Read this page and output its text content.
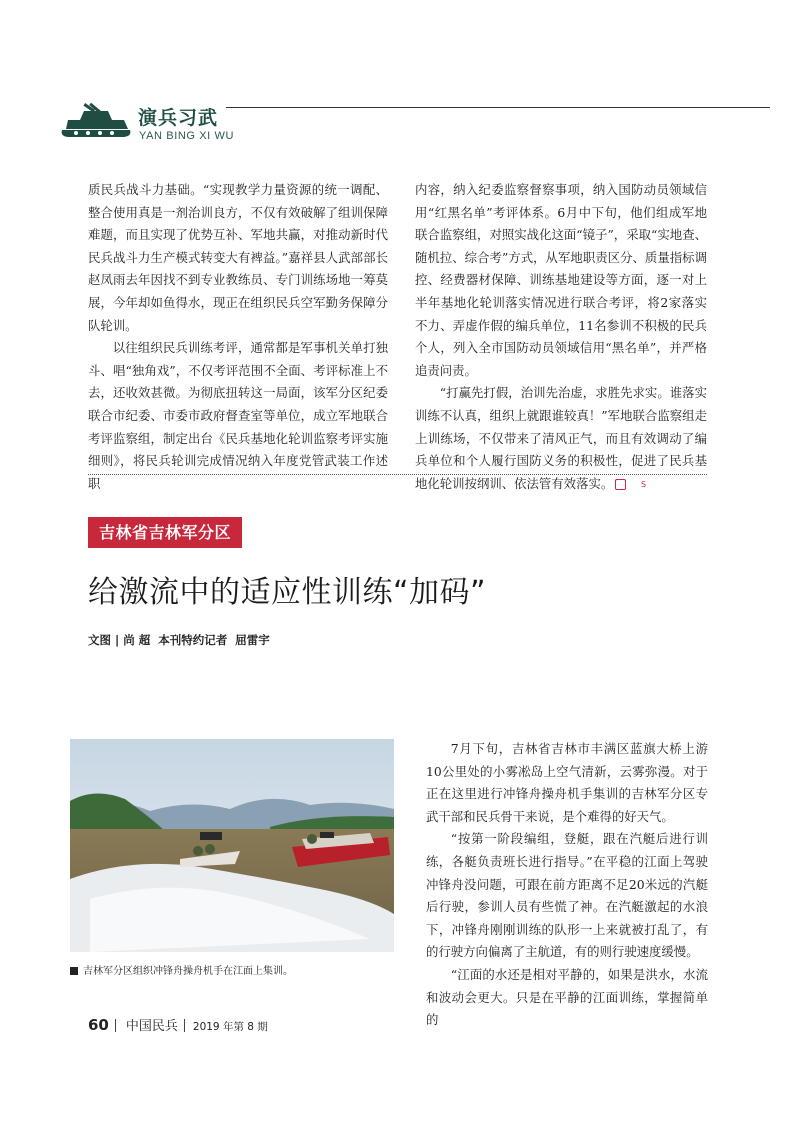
演兵习武
YAN BING XI WU

质民兵战斗力基础。“实现教学力量资源的统一调配、整合使用真是一剂治训良方，不仅有效破解了组训保障难题，而且实现了优势互补、军地共赢，对推动新时代民兵战斗力生产模式转变大有裨益。”嘉祥县人武部部长赵凤雨去年因找不到专业教练员、专门训练场地一筹莫展，今年却如鱼得水，现正在组织民兵空军勤务保障分队轮训。

以往组织民兵训练考评，通常都是军事机关单打独斗、唱“独角戏”，不仅考评范围不全面、考评标准上不去，还收效甚微。为彻底扭转这一局面，该军分区纪委联合市纪委、市委市政府督查室等单位，成立军地联合考评监察组，制定出台《民兵基地化轮训监察考评实施细则》，将民兵轮训完成情况纳入年度党管武装工作述职

内容，纳入纪委监察督察事项，纳入国防动员领域信用“红黑名单”考评体系。6月中下旬，他们组成军地联合监察组，对照实战化这面“镜子”，采取“实地查、随机拉、综合考”方式，从军地职责区分、质量指标调控、经费器材保障、训练基地建设等方面，逐一对上半年基地化轮训落实情况进行联合考评，将2家落实不力、弄虚作假的编兵单位，11名参训不积极的民兵个人，列入全市国防动员领域信用“黑名单”，并严格追责问责。

“打赢先打假，治训先治虚，求胜先求实。谁落实训练不认真，组织上就跟谁较真！”军地联合监察组走上训练场，不仅带来了清风正气，而且有效调动了编兵单位和个人履行国防义务的积极性，促进了民兵基地化轮训按纲训、依法管有效落实。	S

吉林省吉林军分区
给激流中的适应性训练“加码”
文图 | 尚 超 本刊特约记者 屈雷宇
吉林军分区组织冲锋舟操舟机手在江面上集训。

7月下旬，吉林省吉林市丰满区蓝旗大桥上游10公里处的小雾凇岛上空气清新，云雾弥漫。对于正在这里进行冲锋舟操舟机手集训的吉林军分区专武干部和民兵骨干来说，是个难得的好天气。

“按第一阶段编组，登艇，跟在汽艇后进行训练，各艇负责班长进行指导。”在平稳的江面上驾驶冲锋舟没问题，可跟在前方距离不足20米远的汽艇后行驶，参训人员有些慌了神。在汽艇激起的水浪下，冲锋舟刚刚训练的队形一上来就被打乱了，有的行驶方向偏离了主航道，有的则行驶速度缓慢。

“江面的水还是相对平静的，如果是洪水，水流和波动会更大。只是在平静的江面训练，掌握简单的

60 中国民兵 2019 年第 8 期
